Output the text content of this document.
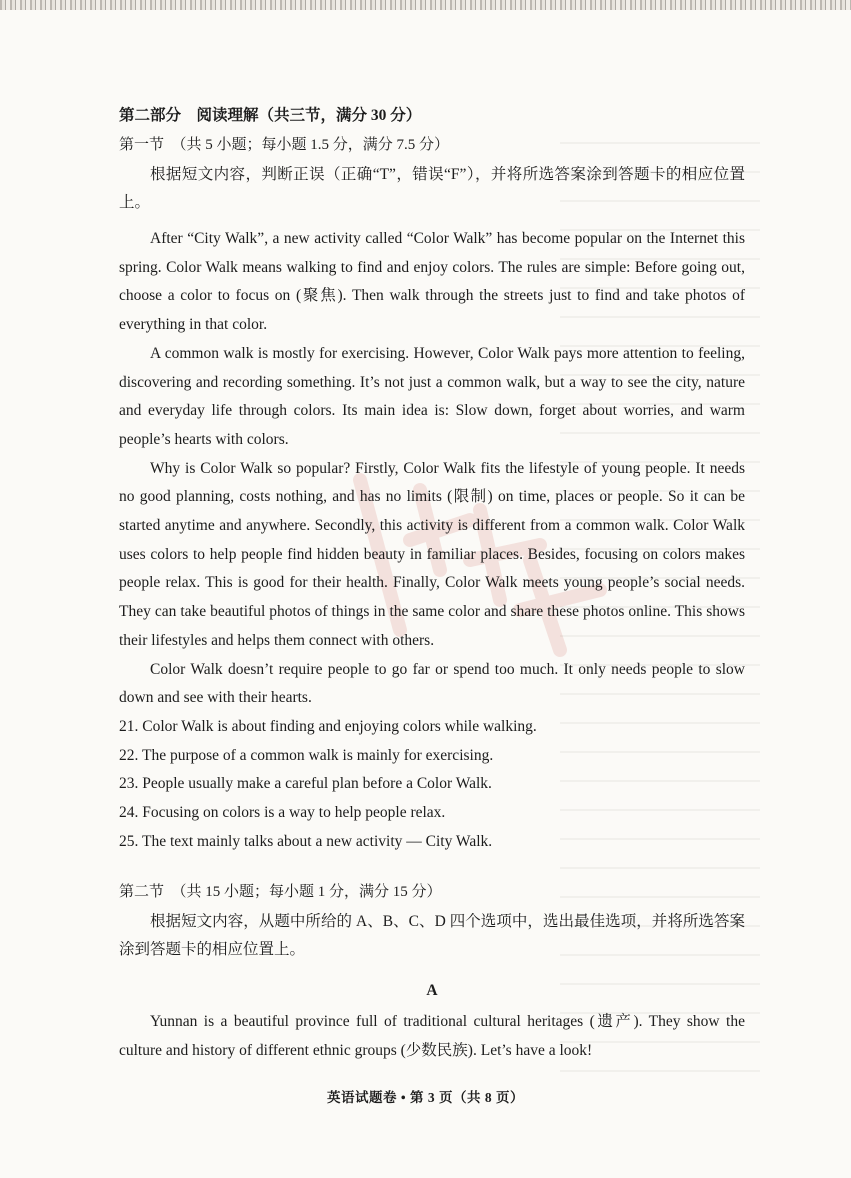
第二部分　阅读理解（共三节，满分 30 分）

第一节　（共 5 小题；每小题 1.5 分，满分 7.5 分）
根据短文内容，判断正误（正确“T”，错误“F”），并将所选答案涂到答题卡的相应位置上。

After “City Walk”, a new activity called “Color Walk” has become popular on the Internet this spring. Color Walk means walking to find and enjoy colors. The rules are simple: Before going out, choose a color to focus on (聚焦). Then walk through the streets just to find and take photos of everything in that color.

A common walk is mostly for exercising. However, Color Walk pays more attention to feeling, discovering and recording something. It’s not just a common walk, but a way to see the city, nature and everyday life through colors. Its main idea is: Slow down, forget about worries, and warm people’s hearts with colors.

Why is Color Walk so popular? Firstly, Color Walk fits the lifestyle of young people. It needs no good planning, costs nothing, and has no limits (限制) on time, places or people. So it can be started anytime and anywhere. Secondly, this activity is different from a common walk. Color Walk uses colors to help people find hidden beauty in familiar places. Besides, focusing on colors makes people relax. This is good for their health. Finally, Color Walk meets young people’s social needs. They can take beautiful photos of things in the same color and share these photos online. This shows their lifestyles and helps them connect with others.

Color Walk doesn’t require people to go far or spend too much. It only needs people to slow down and see with their hearts.

21. Color Walk is about finding and enjoying colors while walking.
22. The purpose of a common walk is mainly for exercising.
23. People usually make a careful plan before a Color Walk.
24. Focusing on colors is a way to help people relax.
25. The text mainly talks about a new activity — City Walk.
第二节　（共 15 小题；每小题 1 分，满分 15 分）
根据短文内容，从题中所给的 A、B、C、D 四个选项中，选出最佳选项，并将所选答案涂到答题卡的相应位置上。
A

Yunnan is a beautiful province full of traditional cultural heritages (遗产). They show the culture and history of different ethnic groups (少数民族). Let’s have a look!

英语试题卷 • 第 3 页（共 8 页）
